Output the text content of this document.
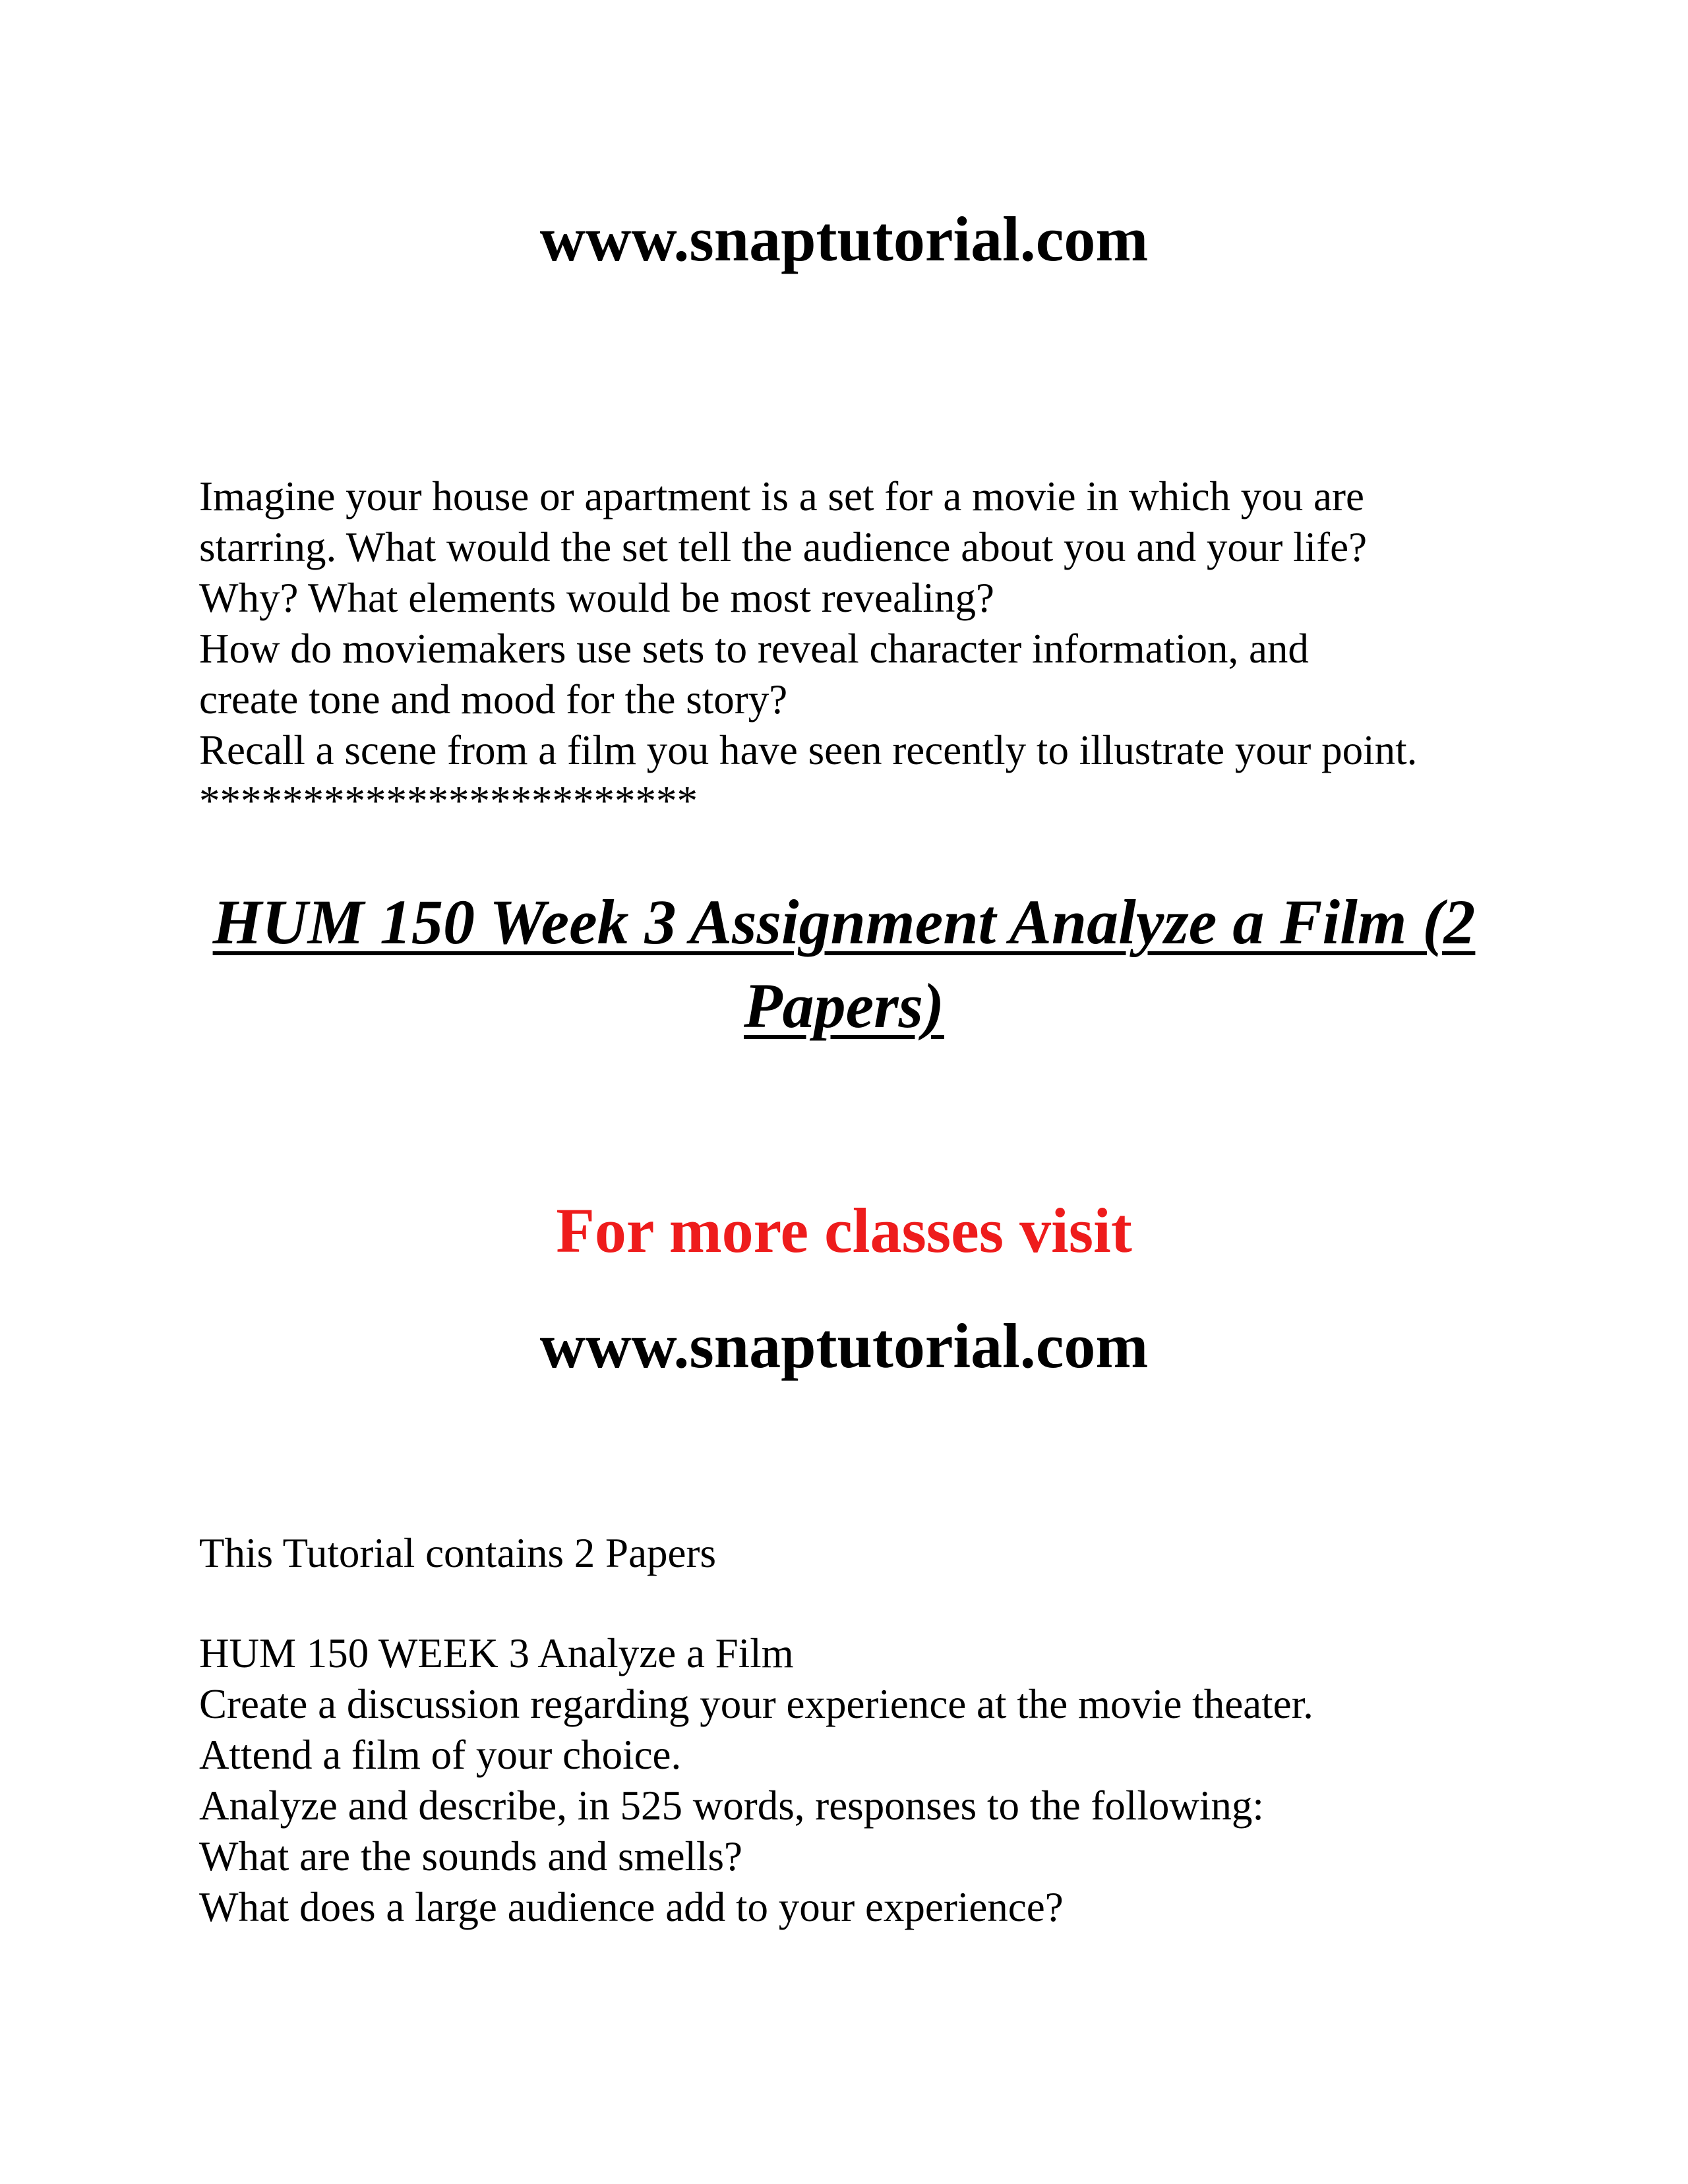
www.snaptutorial.com
Imagine your house or apartment is a set for a movie in which you are
starring. What would the set tell the audience about you and your life?
Why? What elements would be most revealing?
How do moviemakers use sets to reveal character information, and
create tone and mood for the story?
Recall a scene from a film you have seen recently to illustrate your point.
************************
HUM 150 Week 3 Assignment Analyze a Film (2 Papers)
For more classes visit
www.snaptutorial.com
This Tutorial contains 2 Papers
HUM 150 WEEK 3 Analyze a Film
Create a discussion regarding your experience at the movie theater.
Attend a film of your choice.
Analyze and describe, in 525 words, responses to the following:
What are the sounds and smells?
What does a large audience add to your experience?
